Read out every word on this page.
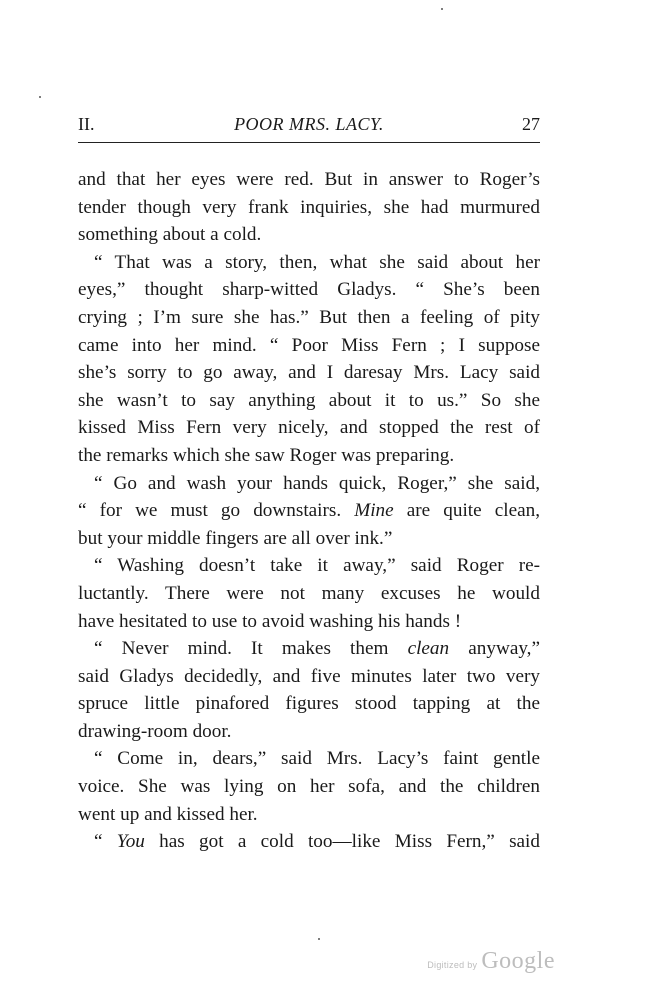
II.	POOR MRS. LACY.	27
and that her eyes were red. But in answer to Roger’s
tender though very frank inquiries, she had murmured
something about a cold.
“ That was a story, then, what she said about her
eyes,” thought sharp-witted Gladys. “ She’s been
crying ; I’m sure she has.” But then a feeling of pity
came into her mind. “ Poor Miss Fern ; I suppose
she’s sorry to go away, and I daresay Mrs. Lacy said
she wasn’t to say anything about it to us.” So she
kissed Miss Fern very nicely, and stopped the rest of
the remarks which she saw Roger was preparing.
“ Go and wash your hands quick, Roger,” she said,
“ for we must go downstairs. Mine are quite clean,
but your middle fingers are all over ink.”
“ Washing doesn’t take it away,” said Roger re-
luctantly. There were not many excuses he would
have hesitated to use to avoid washing his hands !
“ Never mind. It makes them clean anyway,”
said Gladys decidedly, and five minutes later two very
spruce little pinafored figures stood tapping at the
drawing-room door.
“ Come in, dears,” said Mrs. Lacy’s faint gentle
voice. She was lying on her sofa, and the children
went up and kissed her.
“ You has got a cold too—like Miss Fern,” said
Digitized by Google
